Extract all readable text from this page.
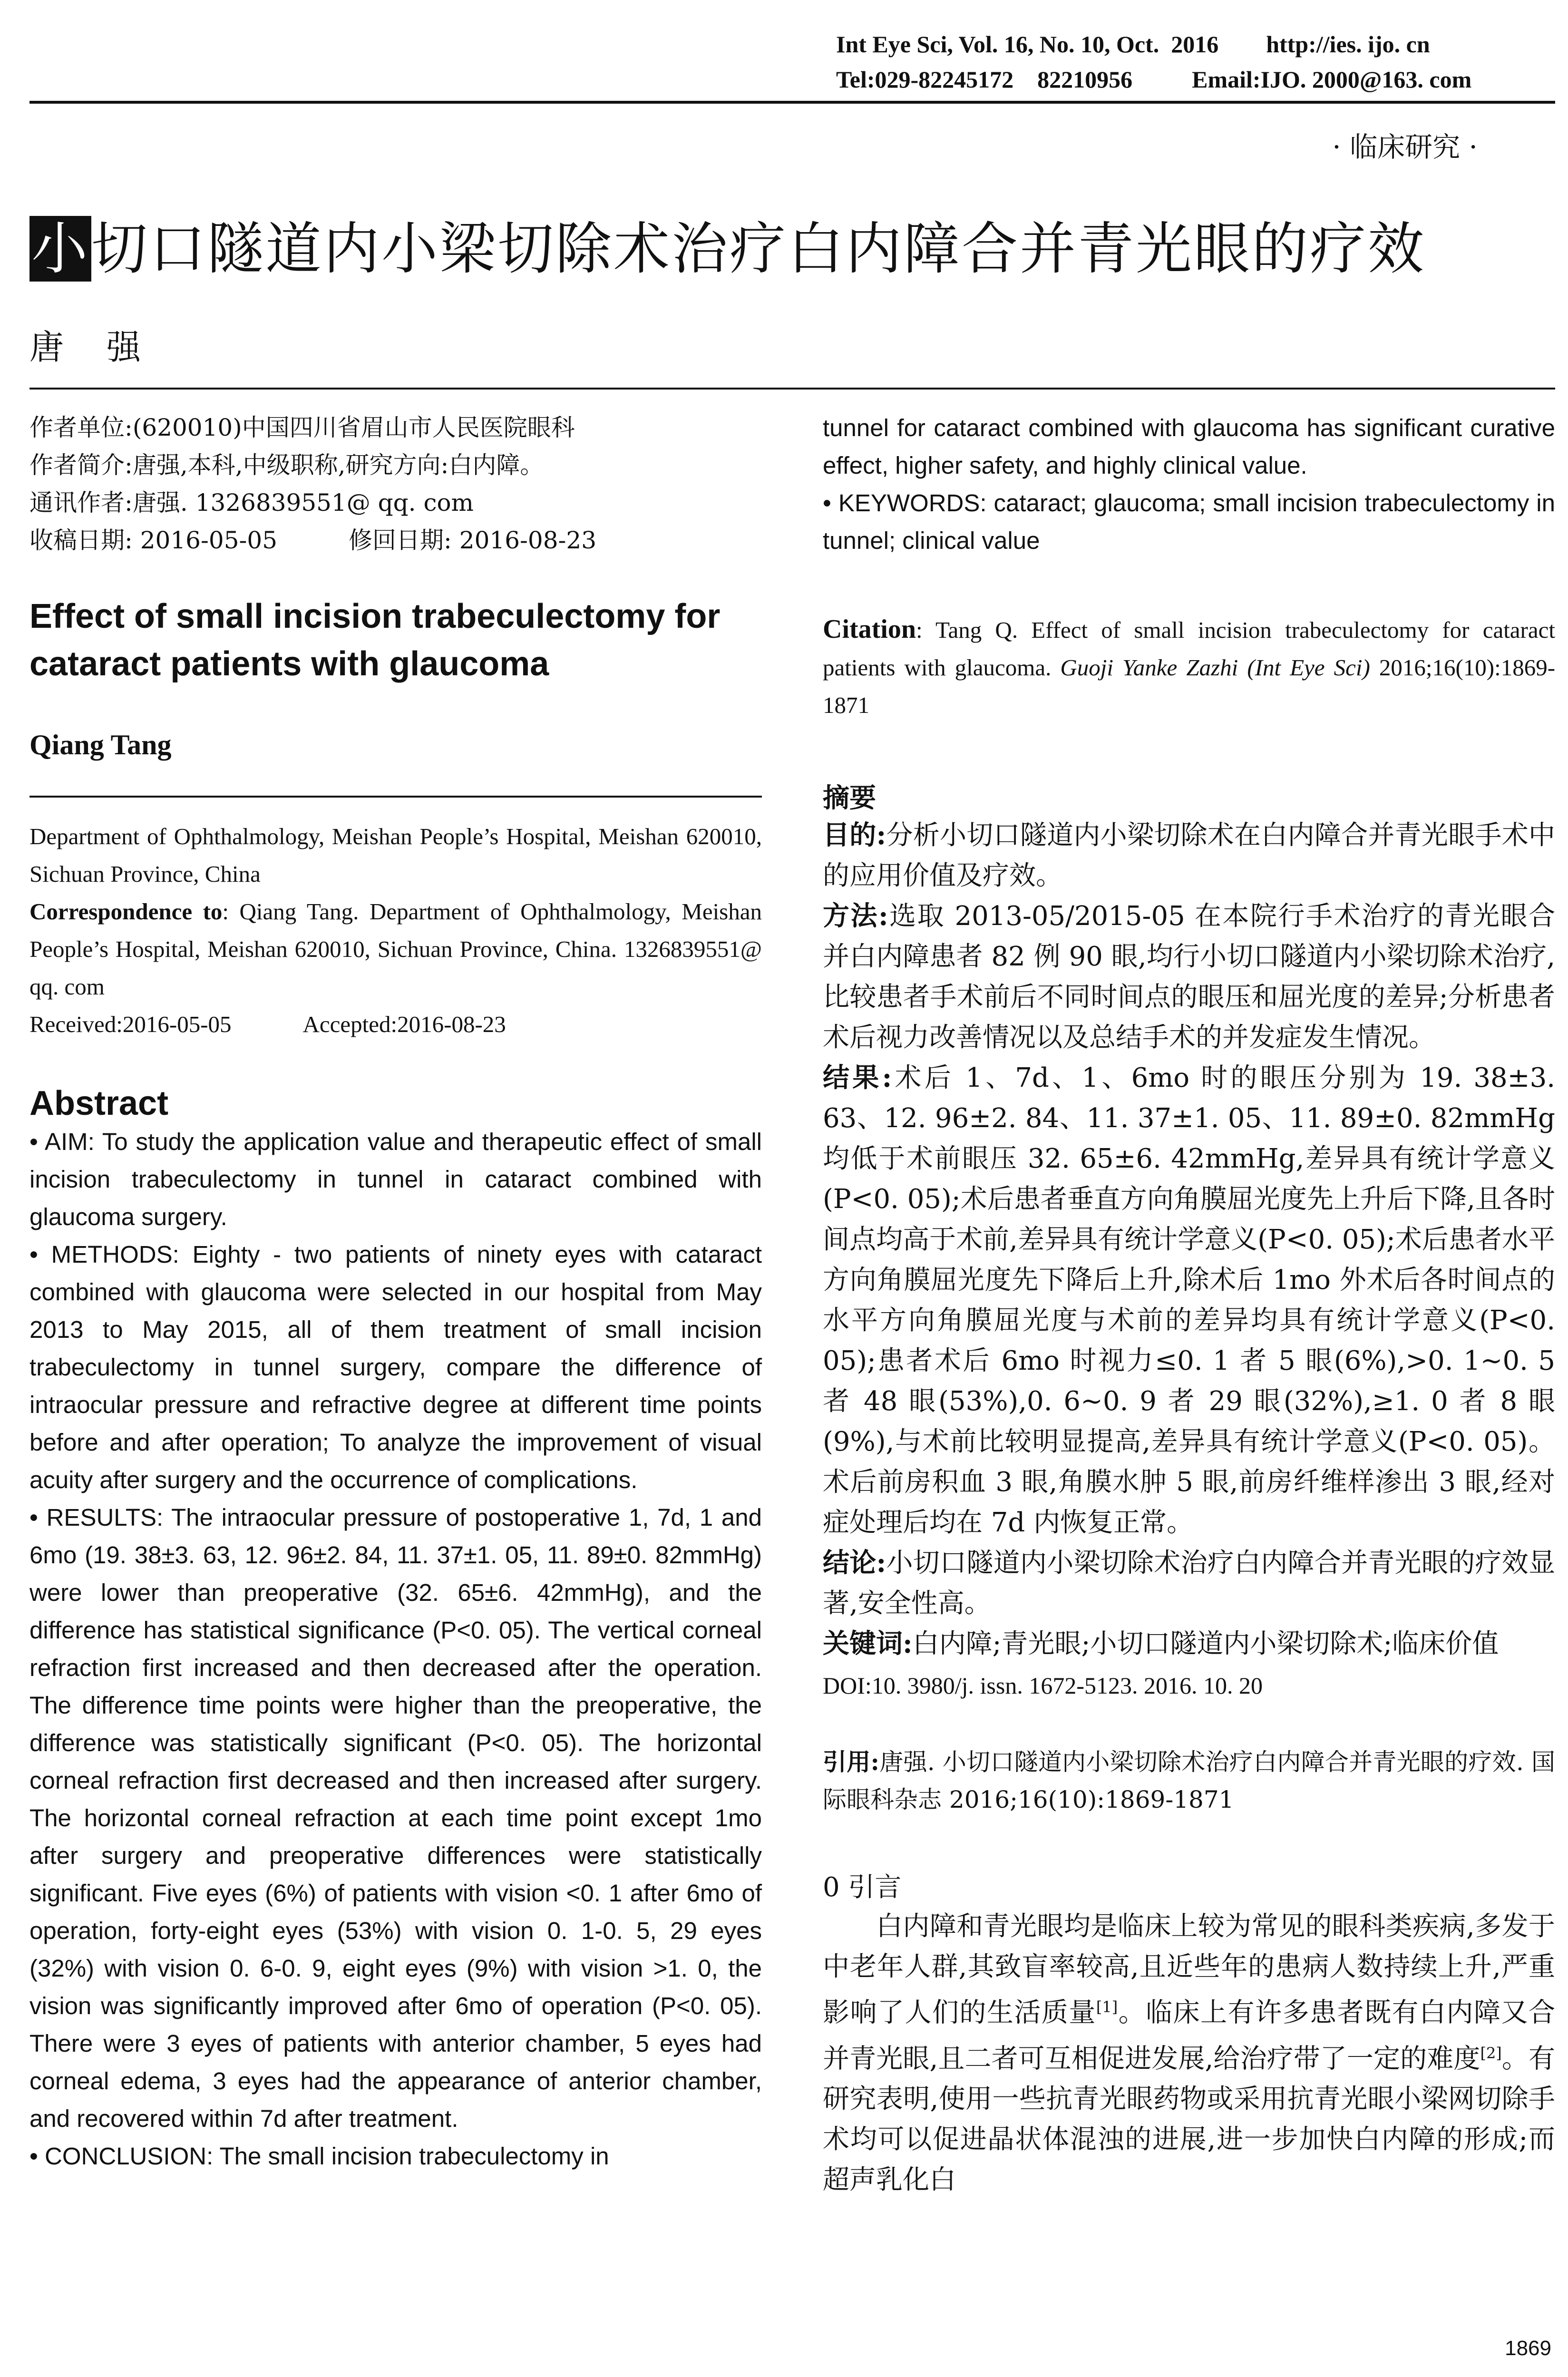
Int Eye Sci, Vol. 16, No. 10, Oct.  2016        http://ies. ijo. cn
Tel:029-82245172    82210956          Email:IJO. 2000@163. com
· 临床研究 ·
小切口隧道内小梁切除术治疗白内障合并青光眼的疗效
唐强
作者单位:(620010)中国四川省眉山市人民医院眼科
作者简介:唐强,本科,中级职称,研究方向:白内障。
通讯作者:唐强. 1326839551@ qq. com
收稿日期: 2016-05-05	修回日期: 2016-08-23
Effect of small incision trabeculectomy for cataract patients with glaucoma
Qiang Tang
Department of Ophthalmology, Meishan People’s Hospital, Meishan 620010, Sichuan Province, China
Correspondence to: Qiang Tang. Department of Ophthalmology, Meishan People’s Hospital, Meishan 620010, Sichuan Province, China. 1326839551@ qq. com
Received:2016-05-05	Accepted:2016-08-23
Abstract

• AIM: To study the application value and therapeutic effect of small incision trabeculectomy in tunnel in cataract combined with glaucoma surgery.

• METHODS: Eighty - two patients of ninety eyes with cataract combined with glaucoma were selected in our hospital from May 2013 to May 2015, all of them treatment of small incision trabeculectomy in tunnel surgery, compare the difference of intraocular pressure and refractive degree at different time points before and after operation; To analyze the improvement of visual acuity after surgery and the occurrence of complications.

• RESULTS: The intraocular pressure of postoperative 1, 7d, 1 and 6mo (19. 38±3. 63, 12. 96±2. 84, 11. 37±1. 05, 11. 89±0. 82mmHg) were lower than preoperative (32. 65±6. 42mmHg), and the difference has statistical significance (P<0. 05). The vertical corneal refraction first increased and then decreased after the operation. The difference time points were higher than the preoperative, the difference was statistically significant (P<0. 05). The horizontal corneal refraction first decreased and then increased after surgery. The horizontal corneal refraction at each time point except 1mo after surgery and preoperative differences were statistically significant. Five eyes (6%) of patients with vision <0. 1 after 6mo of operation, forty-eight eyes (53%) with vision 0. 1-0. 5, 29 eyes (32%) with vision 0. 6-0. 9, eight eyes (9%) with vision >1. 0, the vision was significantly improved after 6mo of operation (P<0. 05). There were 3 eyes of patients with anterior chamber, 5 eyes had corneal edema, 3 eyes had the appearance of anterior chamber, and recovered within 7d after treatment.

• CONCLUSION: The small incision trabeculectomy in

tunnel for cataract combined with glaucoma has significant curative effect, higher safety, and highly clinical value.

• KEYWORDS: cataract; glaucoma; small incision trabeculectomy in tunnel; clinical value

Citation: Tang Q. Effect of small incision trabeculectomy for cataract patients with glaucoma. Guoji Yanke Zazhi (Int Eye Sci) 2016;16(10):1869-1871
摘要

目的:分析小切口隧道内小梁切除术在白内障合并青光眼手术中的应用价值及疗效。

方法:选取 2013-05/2015-05 在本院行手术治疗的青光眼合并白内障患者 82 例 90 眼,均行小切口隧道内小梁切除术治疗,比较患者手术前后不同时间点的眼压和屈光度的差异;分析患者术后视力改善情况以及总结手术的并发症发生情况。

结果:术后 1、7d、1、6mo 时的眼压分别为 19. 38±3. 63、12. 96±2. 84、11. 37±1. 05、11. 89±0. 82mmHg 均低于术前眼压 32. 65±6. 42mmHg,差异具有统计学意义(P<0. 05);术后患者垂直方向角膜屈光度先上升后下降,且各时间点均高于术前,差异具有统计学意义(P<0. 05);术后患者水平方向角膜屈光度先下降后上升,除术后 1mo 外术后各时间点的水平方向角膜屈光度与术前的差异均具有统计学意义(P<0. 05);患者术后 6mo 时视力≤0. 1 者 5 眼(6%),>0. 1~0. 5 者 48 眼(53%),0. 6~0. 9 者 29 眼(32%),≥1. 0 者 8 眼(9%),与术前比较明显提高,差异具有统计学意义(P<0. 05)。术后前房积血 3 眼,角膜水肿 5 眼,前房纤维样渗出 3 眼,经对症处理后均在 7d 内恢复正常。

结论:小切口隧道内小梁切除术治疗白内障合并青光眼的疗效显著,安全性高。

关键词:白内障;青光眼;小切口隧道内小梁切除术;临床价值

DOI:10. 3980/j. issn. 1672-5123. 2016. 10. 20
引用:唐强. 小切口隧道内小梁切除术治疗白内障合并青光眼的疗效. 国际眼科杂志 2016;16(10):1869-1871
0 引言

白内障和青光眼均是临床上较为常见的眼科类疾病,多发于中老年人群,其致盲率较高,且近些年的患病人数持续上升,严重影响了人们的生活质量[1]。临床上有许多患者既有白内障又合并青光眼,且二者可互相促进发展,给治疗带了一定的难度[2]。有研究表明,使用一些抗青光眼药物或采用抗青光眼小梁网切除手术均可以促进晶状体混浊的进展,进一步加快白内障的形成;而超声乳化白

1869
